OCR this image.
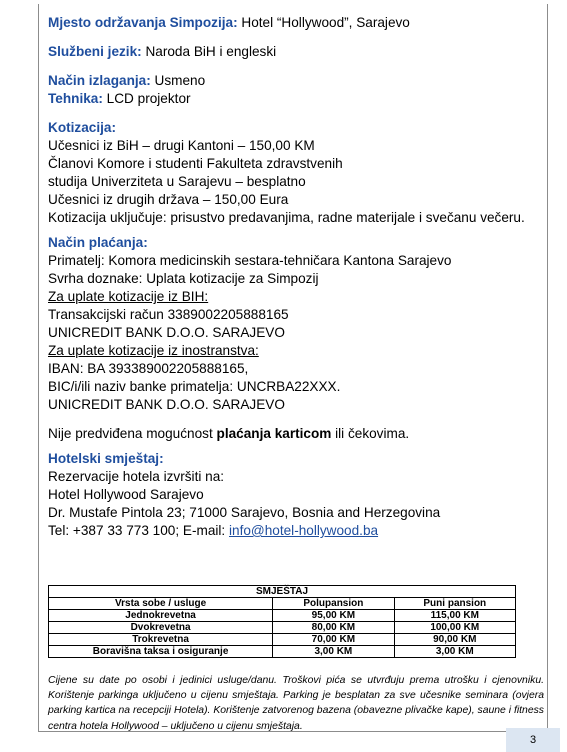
Mjesto održavanja Simpozija: Hotel “Hollywood”, Sarajevo
Službeni jezik: Naroda BiH i engleski
Način izlaganja: Usmeno
Tehnika: LCD projektor
Kotizacija:
Učesnici iz BiH – drugi Kantoni – 150,00 KM
Članovi Komore i studenti Fakulteta zdravstvenih
studija Univerziteta u Sarajevu – besplatno
Učesnici iz drugih država – 150,00 Eura
Kotizacija uključuje: prisustvo predavanjima, radne materijale i svečanu večeru.
Način plaćanja:
Primatelj: Komora medicinskih sestara-tehničara Kantona Sarajevo
Svrha doznake: Uplata kotizacije za Simpozij
Za uplate kotizacije iz BIH:
Transakcijski račun 3389002205888165
UNICREDIT BANK D.O.O. SARAJEVO
Za uplate kotizacije iz inostranstva:
IBAN: BA 393389002205888165,
BIC/i/ili naziv banke primatelja: UNCRBA22XXX.
UNICREDIT BANK D.O.O. SARAJEVO
Nije predviđena mogućnost plaćanja karticom ili čekovima.
Hotelski smještaj:
Rezervacije hotela izvršiti na:
Hotel Hollywood Sarajevo
Dr. Mustafe Pintola 23; 71000 Sarajevo, Bosnia and Herzegovina
Tel: +387 33 773 100; E-mail: info@hotel-hollywood.ba
SMJEŠTAJ		
Vrsta sobe / usluge	Polupansion	Puni pansion
Jednokrevetna	95,00 KM	115,00 KM
Dvokrevetna	80,00 KM	100,00 KM
Trokrevetna	70,00 KM	90,00 KM
Boravišna taksa i osiguranje	3,00 KM	3,00 KM
Cijene su date po osobi i jedinici usluge/danu. Troškovi pića se utvrđuju prema utrošku i cjenovniku. Korištenje parkinga uključeno u cijenu smještaja. Parking je besplatan za sve učesnike seminara (ovjera parking kartica na recepciji Hotela). Korištenje zatvorenog bazena (obavezne plivačke kape), saune i fitness centra hotela Hollywood – uključeno u cijenu smještaja.
3
